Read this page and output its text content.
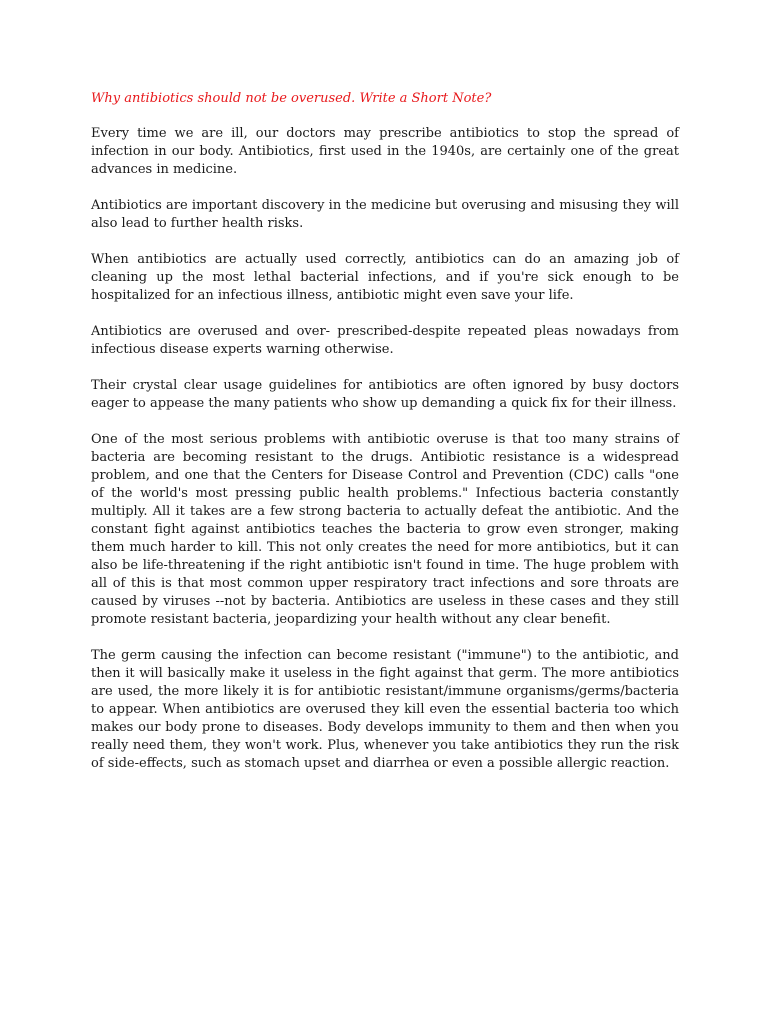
Why antibiotics should not be overused. Write a Short Note?

Every time we are ill, our doctors may prescribe antibiotics to stop the spread of infection in our body. Antibiotics, first used in the 1940s, are certainly one of the great advances in medicine.

Antibiotics are important discovery in the medicine but overusing and misusing they will also lead to further health risks.

When antibiotics are actually used correctly, antibiotics can do an amazing job of cleaning up the most lethal bacterial infections, and if you're sick enough to be hospitalized for an infectious illness, antibiotic might even save your life.

Antibiotics are overused and over- prescribed-despite repeated pleas nowadays from infectious disease experts warning otherwise.

Their crystal clear usage guidelines for antibiotics are often ignored by busy doctors eager to appease the many patients who show up demanding a quick fix for their illness.

One of the most serious problems with antibiotic overuse is that too many strains of bacteria are becoming resistant to the drugs. Antibiotic resistance is a widespread problem, and one that the Centers for Disease Control and Prevention (CDC) calls "one of the world's most pressing public health problems." Infectious bacteria constantly multiply. All it takes are a few strong bacteria to actually defeat the antibiotic. And the constant fight against antibiotics teaches the bacteria to grow even stronger, making them much harder to kill. This not only creates the need for more antibiotics, but it can also be life-threatening if the right antibiotic isn't found in time. The huge problem with all of this is that most common upper respiratory tract infections and sore throats are caused by viruses --not by bacteria. Antibiotics are useless in these cases and they still promote resistant bacteria, jeopardizing your health without any clear benefit.

The germ causing the infection can become resistant ("immune") to the antibiotic, and then it will basically make it useless in the fight against that germ. The more antibiotics are used, the more likely it is for antibiotic resistant/immune organisms/germs/bacteria to appear. When antibiotics are overused they kill even the essential bacteria too which makes our body prone to diseases. Body develops immunity to them and then when you really need them, they won't work. Plus, whenever you take antibiotics they run the risk of side-effects, such as stomach upset and diarrhea or even a possible allergic reaction.
